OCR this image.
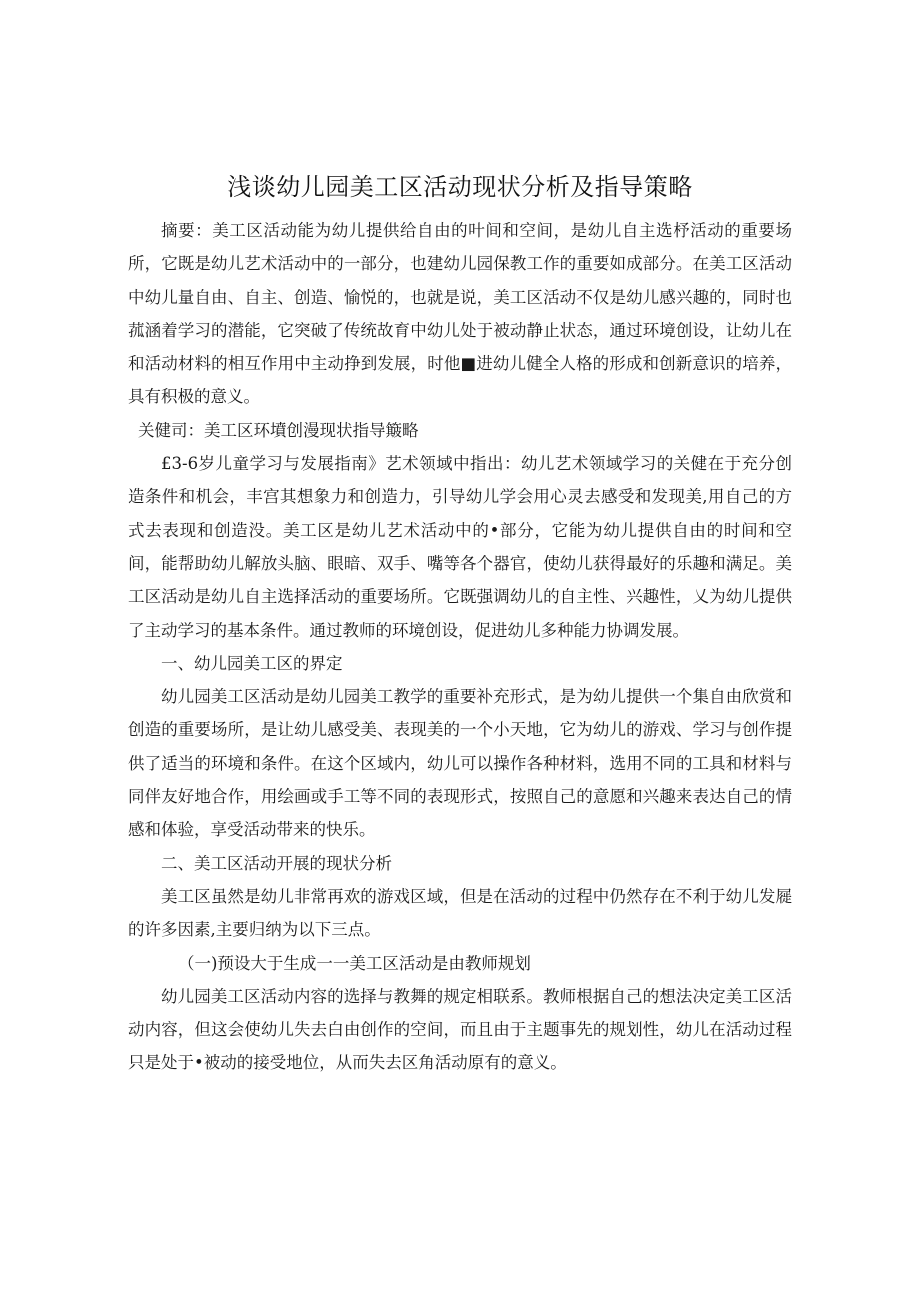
浅谈幼儿园美工区活动现状分析及指导策略

摘要：美工区活动能为幼儿提供给自由的叶间和空间，是幼儿自主选杼活动的重要场所，它既是幼儿艺术活动中的一部分，也建幼儿园保教工作的重要如成部分。在美工区活动中幼儿量自由、自主、创造、愉悦的，也就是说，美工区活动不仅是幼儿感兴趣的，同时也菰涵着学习的潜能，它突破了传统故育中幼儿处于被动静止状态，通过环境创设，让幼儿在和活动材料的相互作用中主动挣到发展，时他■进幼儿健全人格的形成和创新意识的培养，具有积极的意义。

关健司：美工区环墳创漫现状指导簸略

£3-6岁儿童学习与发展指南》艺术领域中指出：幼儿艺术领域学习的关健在于充分创造条件和机会，丰宫其想象力和创造力，引导幼儿学会用心灵去感受和发现美,用自己的方式去表现和创造没。美工区是幼儿艺术活动中的•部分，它能为幼儿提供自由的时间和空间，能帮助幼儿解放头脑、眼暗、双手、嘴等各个器官，使幼儿获得最好的乐趣和满足。美工区活动是幼儿自主选择活动的重要场所。它既强调幼儿的自主性、兴趣性，乂为幼儿提供了主动学习的基本条件。通过教师的环境创设，促进幼儿多种能力协调发展。

一、幼儿园美工区的界定

幼儿园美工区活动是幼儿园美工教学的重要补充形式，是为幼儿提供一个集自由欣赏和创造的重要场所，是让幼儿感受美、表现美的一个小天地，它为幼儿的游戏、学习与创作提供了适当的环境和条件。在这个区域内，幼儿可以操作各种材料，选用不同的工具和材料与同伴友好地合作，用绘画或手工等不同的表现形式，按照自己的意愿和兴趣来表达自己的情感和体验，享受活动带来的快乐。

二、美工区活动开展的现状分析

美工区虽然是幼儿非常再欢的游戏区域，但是在活动的过程中仍然存在不利于幼儿发屣的许多因素,主要归纳为以下三点。

（一)预设大于生成一一美工区活动是由教师规划

幼儿园美工区活动内容的选择与教舞的规定相联系。教师根据自己的想法决定美工区活动内容，但这会使幼儿失去白由创作的空间，而且由于主题事先的规划性，幼儿在活动过程只是处于•被动的接受地位，从而失去区角活动原有的意义。
